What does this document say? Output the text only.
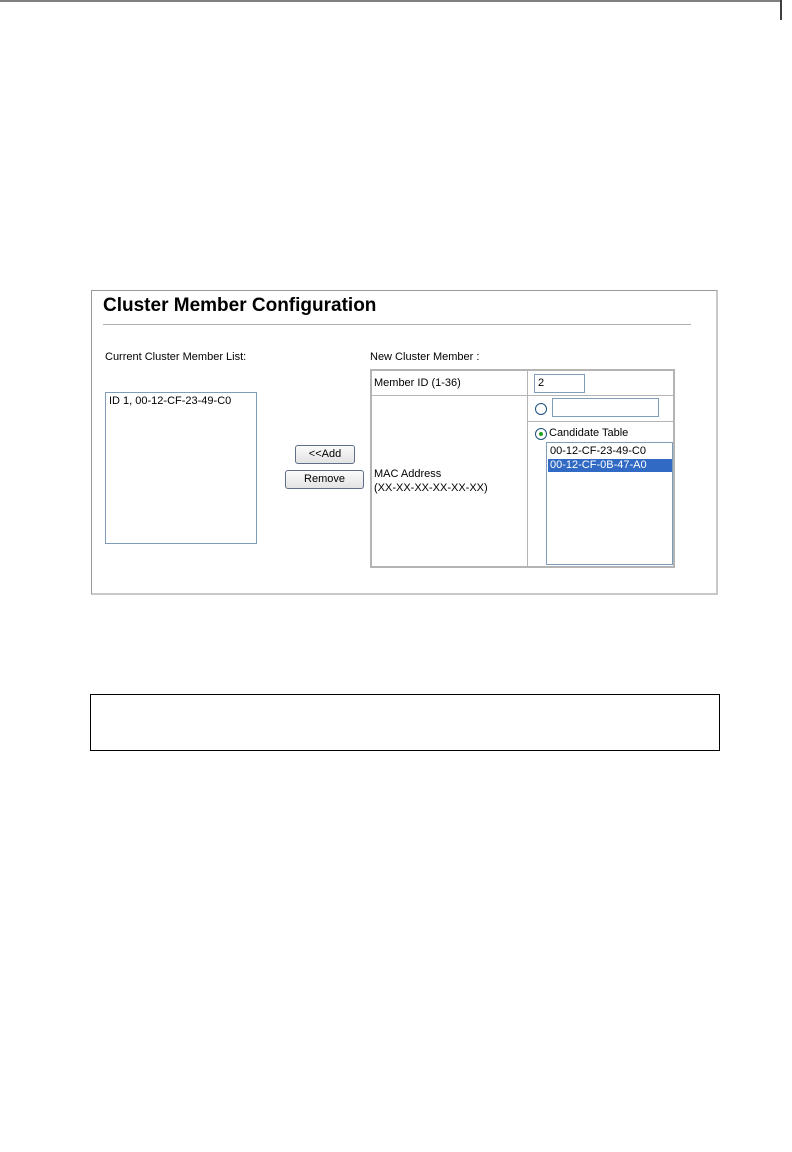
Cluster Member Configuration
Current Cluster Member List:
ID 1, 00-12-CF-23-49-C0
<<Add
Remove
New Cluster Member :
Member ID (1-36)	2
MAC Address
(XX-XX-XX-XX-XX-XX)
Candidate Table
00-12-CF-23-49-C0
00-12-CF-0B-47-A0
